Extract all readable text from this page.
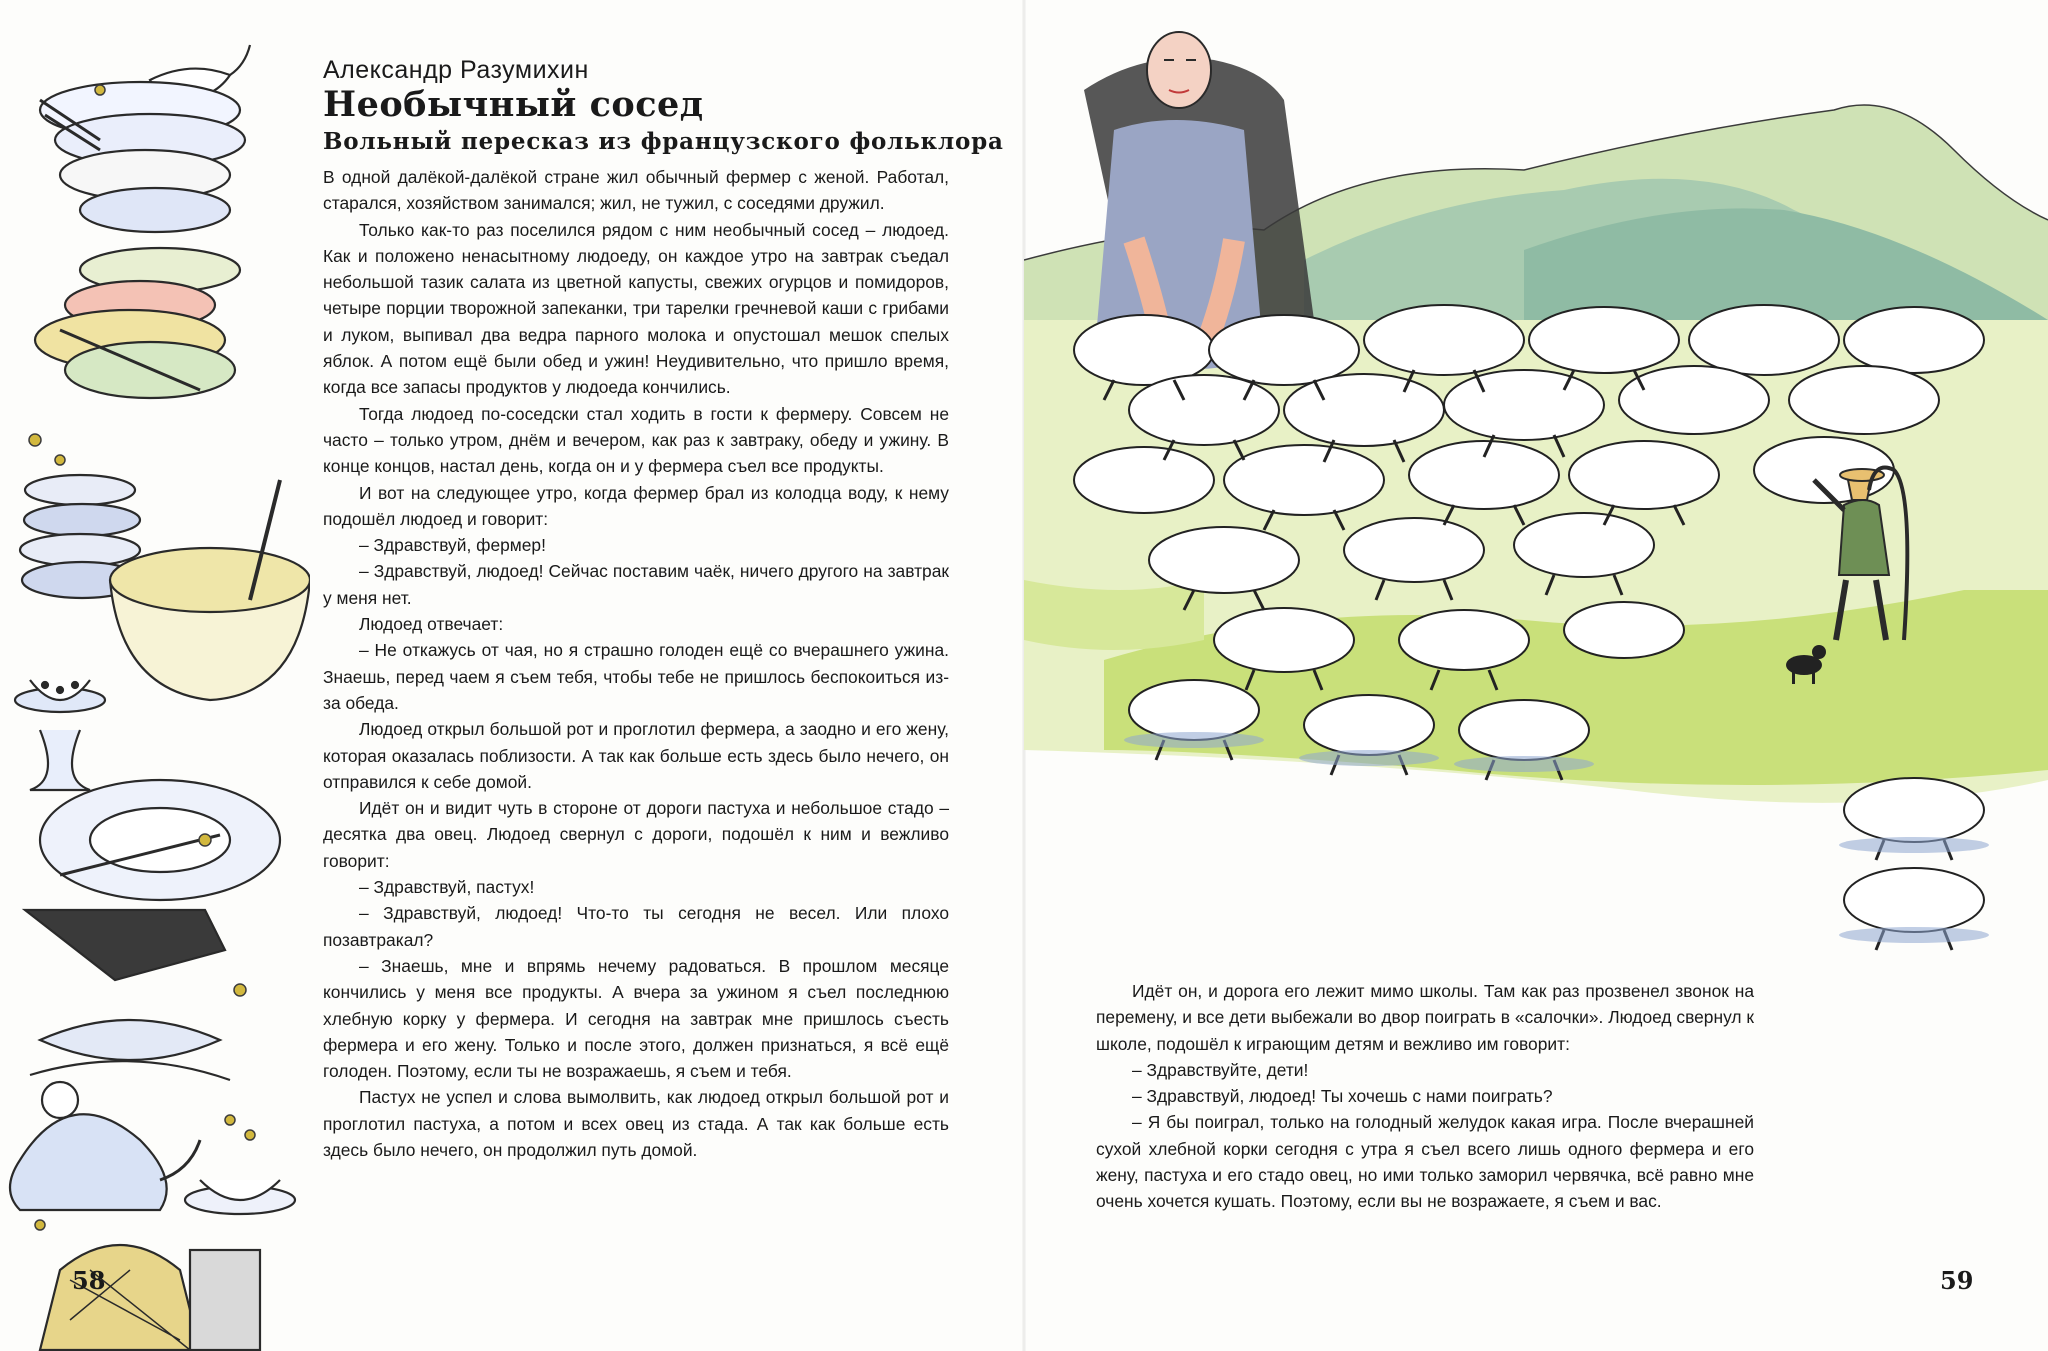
Александр Разумихин
Необычный сосед
Вольный пересказ из французского фольклора

В одной далёкой-далёкой стране жил обычный фермер с женой. Работал, старался, хозяйством занимался; жил, не тужил, с соседями дружил.

Только как-то раз поселился рядом с ним необычный сосед – людоед. Как и положено ненасытному людоеду, он каждое утро на завтрак съедал небольшой тазик салата из цветной капусты, свежих огурцов и помидоров, четыре порции творожной запеканки, три тарелки гречневой каши с грибами и луком, выпивал два ведра парного молока и опустошал мешок спелых яблок. А потом ещё были обед и ужин! Неудивительно, что пришло время, когда все запасы продуктов у людоеда кончились.

Тогда людоед по-соседски стал ходить в гости к фермеру. Совсем не часто – только утром, днём и вечером, как раз к завтраку, обеду и ужину. В конце концов, настал день, когда он и у фермера съел все продукты.

И вот на следующее утро, когда фермер брал из колодца воду, к нему подошёл людоед и говорит:

– Здравствуй, фермер!

– Здравствуй, людоед! Сейчас поставим чаёк, ничего другого на завтрак у меня нет.

Людоед отвечает:

– Не откажусь от чая, но я страшно голоден ещё со вчерашнего ужина. Знаешь, перед чаем я съем тебя, чтобы тебе не пришлось беспокоиться из-за обеда.

Людоед открыл большой рот и проглотил фермера, а заодно и его жену, которая оказалась поблизости. А так как больше есть здесь было нечего, он отправился к себе домой.

Идёт он и видит чуть в стороне от дороги пастуха и небольшое стадо – десятка два овец. Людоед свернул с дороги, подошёл к ним и вежливо говорит:

– Здравствуй, пастух!

– Здравствуй, людоед! Что-то ты сегодня не весел. Или плохо позавтракал?

– Знаешь, мне и впрямь нечему радоваться. В прошлом месяце кончились у меня все продукты. А вчера за ужином я съел последнюю хлебную корку у фермера. И сегодня на завтрак мне пришлось съесть фермера и его жену. Только и после этого, должен признаться, я всё ещё голоден. Поэтому, если ты не возражаешь, я съем и тебя.

Пастух не успел и слова вымолвить, как людоед открыл большой рот и проглотил пастуха, а потом и всех овец из стада. А так как больше есть здесь было нечего, он продолжил путь домой.

58	59

Идёт он, и дорога его лежит мимо школы. Там как раз прозвенел звонок на перемену, и все дети выбежали во двор поиграть в «салочки». Людоед свернул к школе, подошёл к играющим детям и вежливо им говорит:

– Здравствуйте, дети!

– Здравствуй, людоед! Ты хочешь с нами поиграть?

– Я бы поиграл, только на голодный желудок какая игра. После вчерашней сухой хлебной корки сегодня с утра я съел всего лишь одного фермера и его жену, пастуха и его стадо овец, но ими только заморил червячка, всё равно мне очень хочется кушать. Поэтому, если вы не возражаете, я съем и вас.
